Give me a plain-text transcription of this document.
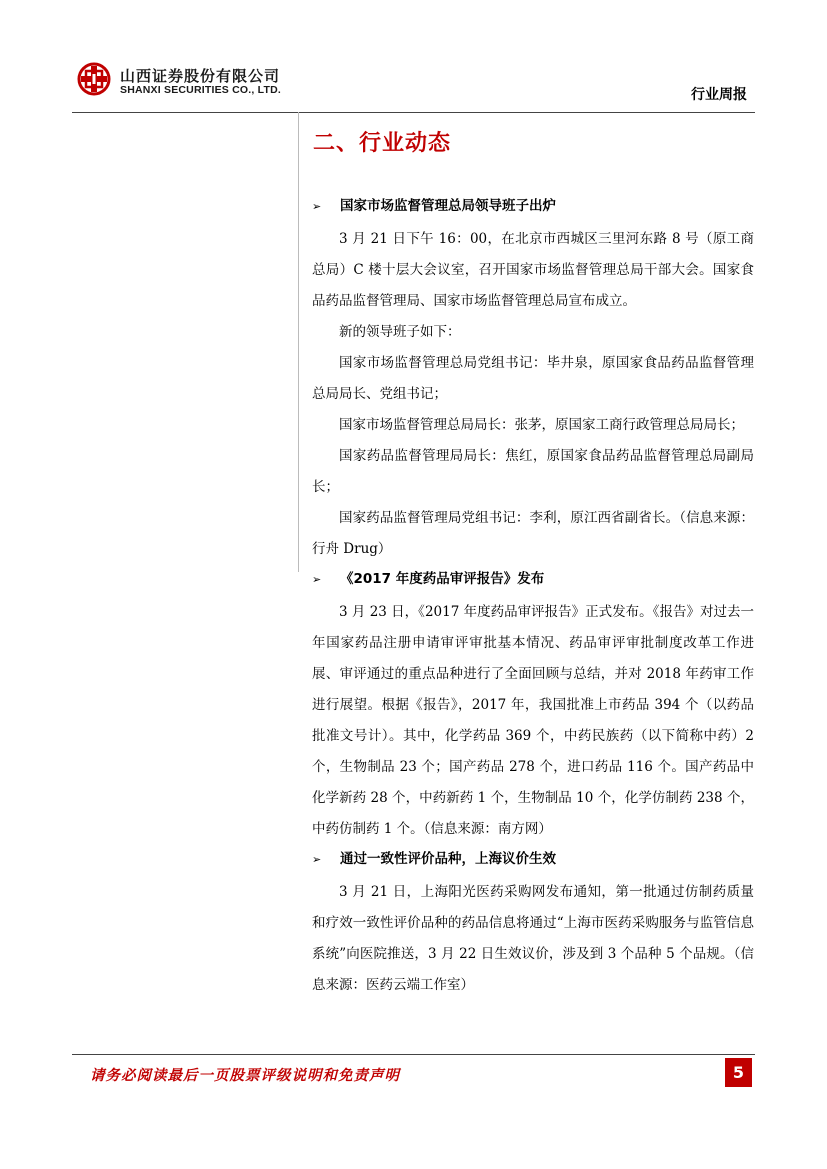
山西证券股份有限公司
SHANXI SECURITIES CO., LTD.	行业周报
二、行业动态
➢ 国家市场监督管理总局领导班子出炉

3 月 21 日下午 16：00，在北京市西城区三里河东路 8 号（原工商总局）C 楼十层大会议室，召开国家市场监督管理总局干部大会。国家食品药品监督管理局、国家市场监督管理总局宣布成立。

新的领导班子如下：

国家市场监督管理总局党组书记：毕井泉，原国家食品药品监督管理总局局长、党组书记；

国家市场监督管理总局局长：张茅，原国家工商行政管理总局局长；

国家药品监督管理局局长：焦红，原国家食品药品监督管理总局副局长；

国家药品监督管理局党组书记：李利，原江西省副省长。（信息来源：行舟 Drug）

➢ 《2017 年度药品审评报告》发布

3 月 23 日，《2017 年度药品审评报告》正式发布。《报告》对过去一年国家药品注册申请审评审批基本情况、药品审评审批制度改革工作进展、审评通过的重点品种进行了全面回顾与总结，并对 2018 年药审工作进行展望。根据《报告》，2017 年，我国批准上市药品 394 个（以药品批准文号计）。其中，化学药品 369 个，中药民族药（以下简称中药）2 个，生物制品 23 个；国产药品 278 个，进口药品 116 个。国产药品中化学新药 28 个，中药新药 1 个，生物制品 10 个，化学仿制药 238 个，中药仿制药 1 个。（信息来源：南方网）

➢ 通过一致性评价品种，上海议价生效

3 月 21 日，上海阳光医药采购网发布通知，第一批通过仿制药质量和疗效一致性评价品种的药品信息将通过“上海市医药采购服务与监管信息系统”向医院推送，3 月 22 日生效议价，涉及到 3 个品种 5 个品规。（信息来源：医药云端工作室）

请务必阅读最后一页股票评级说明和免责声明	5
